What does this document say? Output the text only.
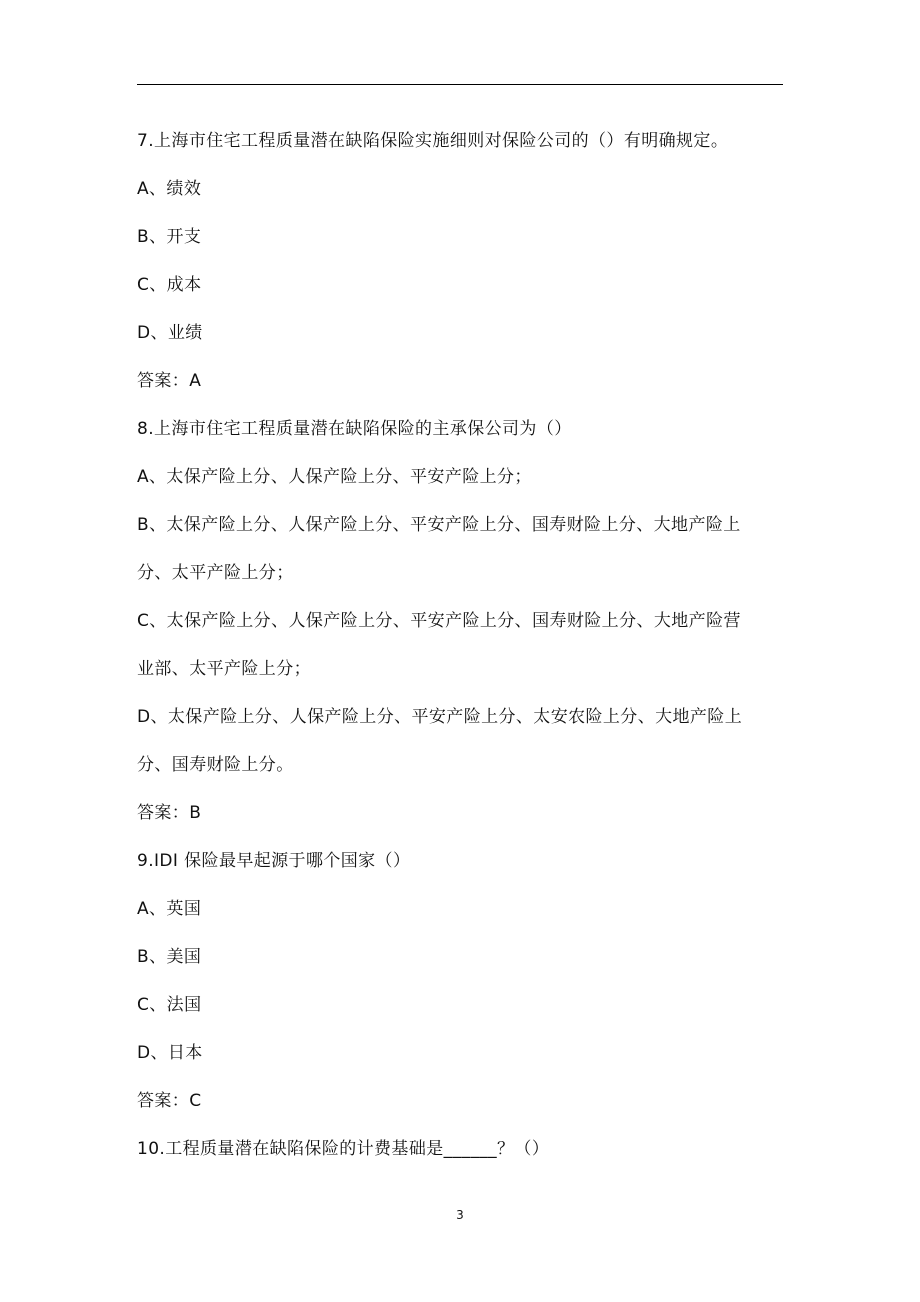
7.上海市住宅工程质量潜在缺陷保险实施细则对保险公司的（）有明确规定。
A、绩效
B、开支
C、成本
D、业绩
答案：A
8.上海市住宅工程质量潜在缺陷保险的主承保公司为（）
A、太保产险上分、人保产险上分、平安产险上分；
B、太保产险上分、人保产险上分、平安产险上分、国寿财险上分、大地产险上
分、太平产险上分；
C、太保产险上分、人保产险上分、平安产险上分、国寿财险上分、大地产险营
业部、太平产险上分；
D、太保产险上分、人保产险上分、平安产险上分、太安农险上分、大地产险上
分、国寿财险上分。
答案：B
9.IDI 保险最早起源于哪个国家（）
A、英国
B、美国
C、法国
D、日本
答案：C
10.工程质量潜在缺陷保险的计费基础是______？（）
3
